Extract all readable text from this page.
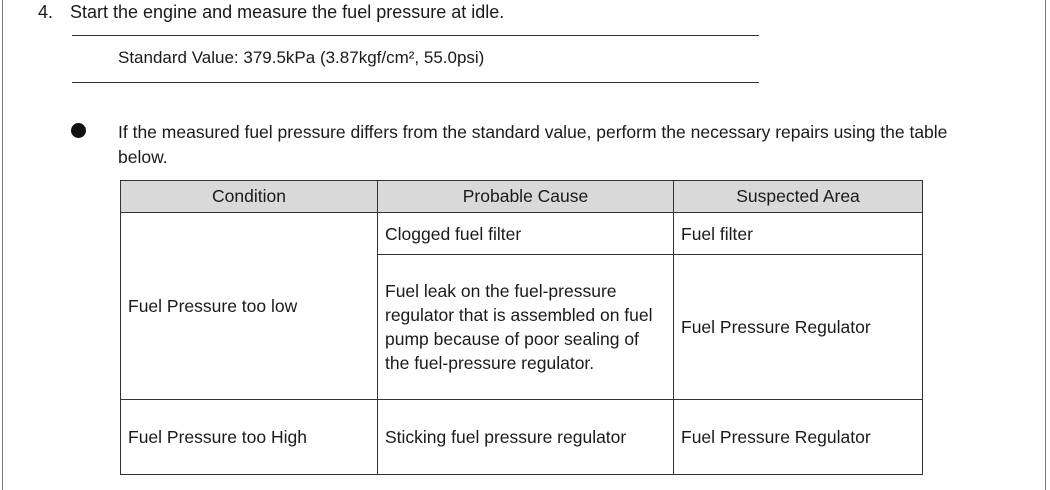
4. Start the engine and measure the fuel pressure at idle.
Standard Value: 379.5kPa (3.87kgf/cm², 55.0psi)
If the measured fuel pressure differs from the standard value, perform the necessary repairs using the table below.
Condition	Probable Cause	Suspected Area
Fuel Pressure too low	Clogged fuel filter	Fuel filter
	Fuel leak on the fuel-pressure regulator that is assembled on fuel pump because of poor sealing of the fuel-pressure regulator.	Fuel Pressure Regulator
Fuel Pressure too High	Sticking fuel pressure regulator	Fuel Pressure Regulator
